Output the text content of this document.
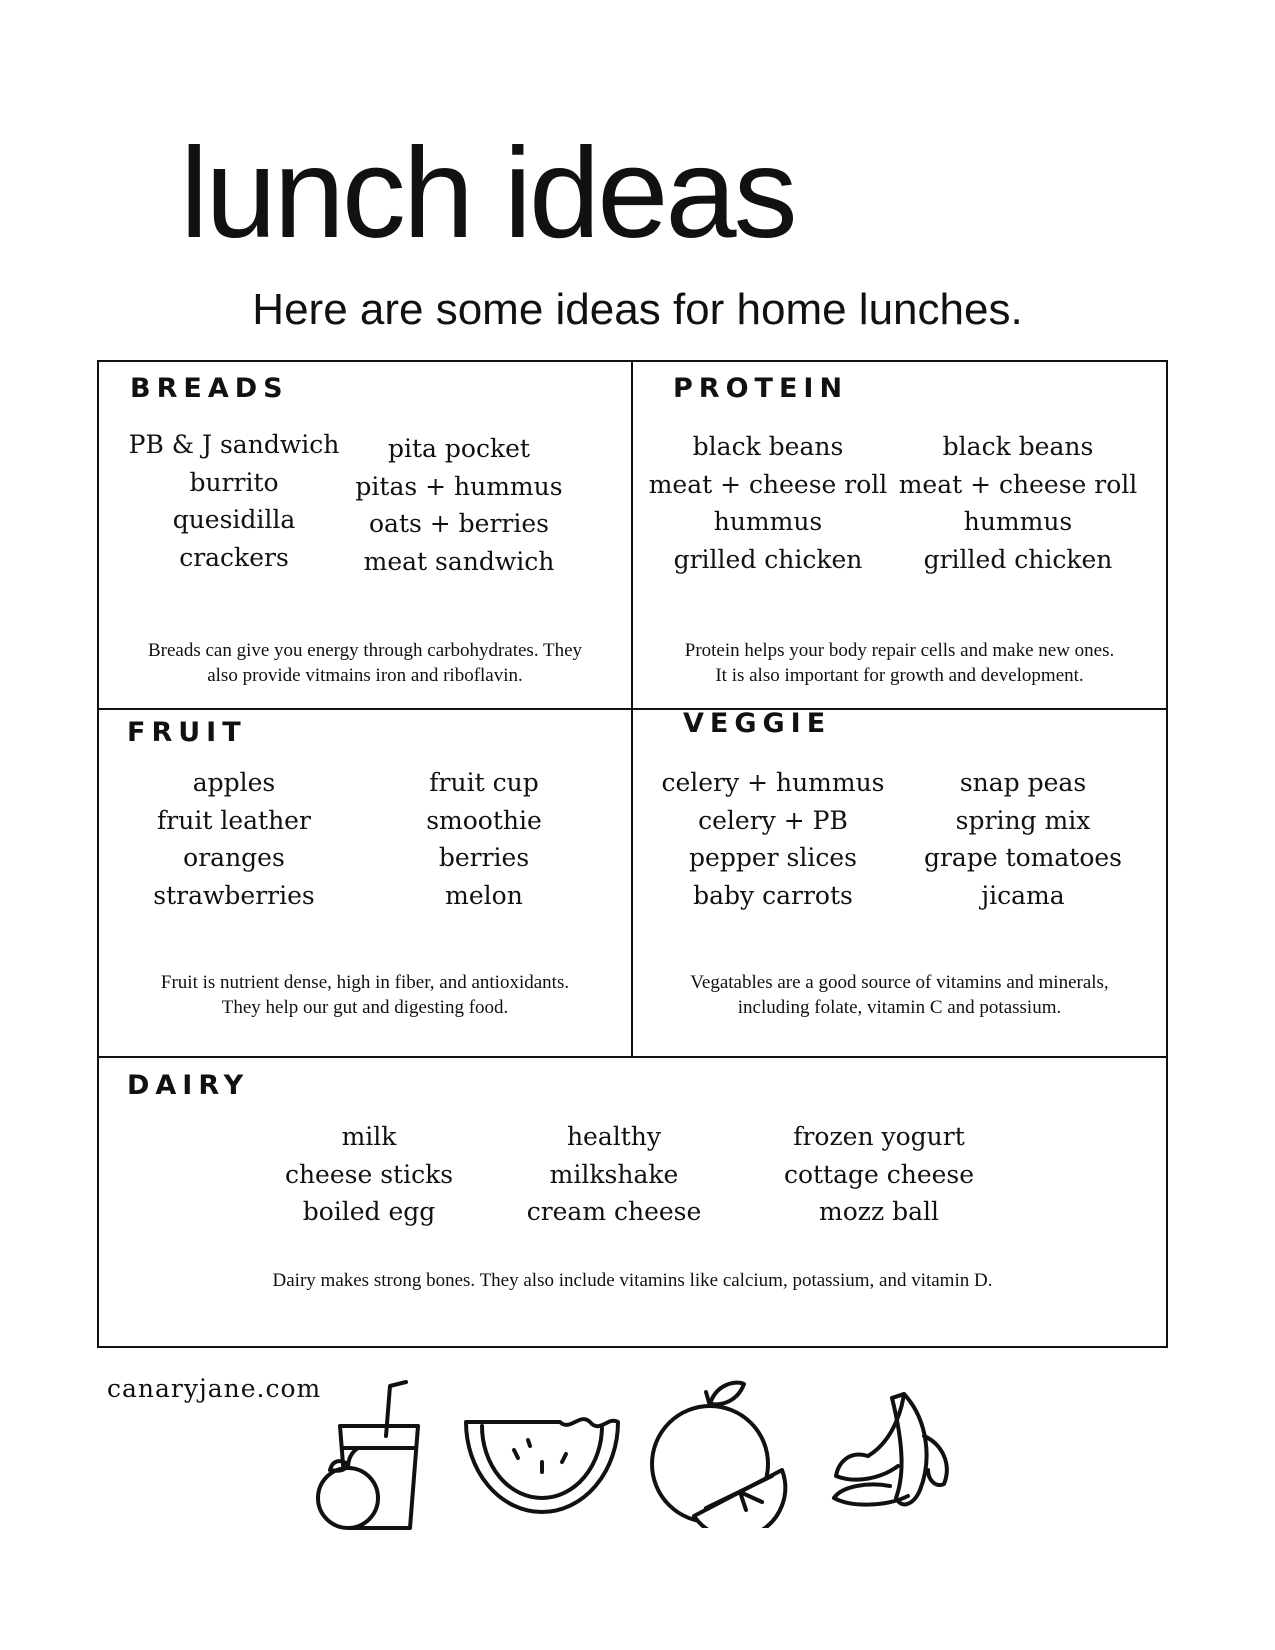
lunch ideas
Here are some ideas for home lunches.
BREADS
PB & J sandwich
burrito
quesidilla
crackers
pita pocket
pitas + hummus
oats + berries
meat sandwich
Breads can give you energy through carbohydrates. They
also provide vitmains iron and riboflavin.
PROTEIN
black beans
meat + cheese roll
hummus
grilled chicken
black beans
meat + cheese roll
hummus
grilled chicken
Protein helps your body repair cells and make new ones.
It is also important for growth and development.
FRUIT
apples
fruit leather
oranges
strawberries
fruit cup
smoothie
berries
melon
Fruit is nutrient dense, high in fiber, and antioxidants.
They help our gut and digesting food.
VEGGIE
celery + hummus
celery + PB
pepper slices
baby carrots
snap peas
spring mix
grape tomatoes
jicama
Vegatables are a good source of vitamins and minerals,
including folate, vitamin C and potassium.
DAIRY
milk
cheese sticks
boiled egg
healthy
milkshake
cream cheese
frozen yogurt
cottage cheese
mozz ball
Dairy makes strong bones. They also include vitamins like calcium, potassium, and vitamin D.
canaryjane.com
